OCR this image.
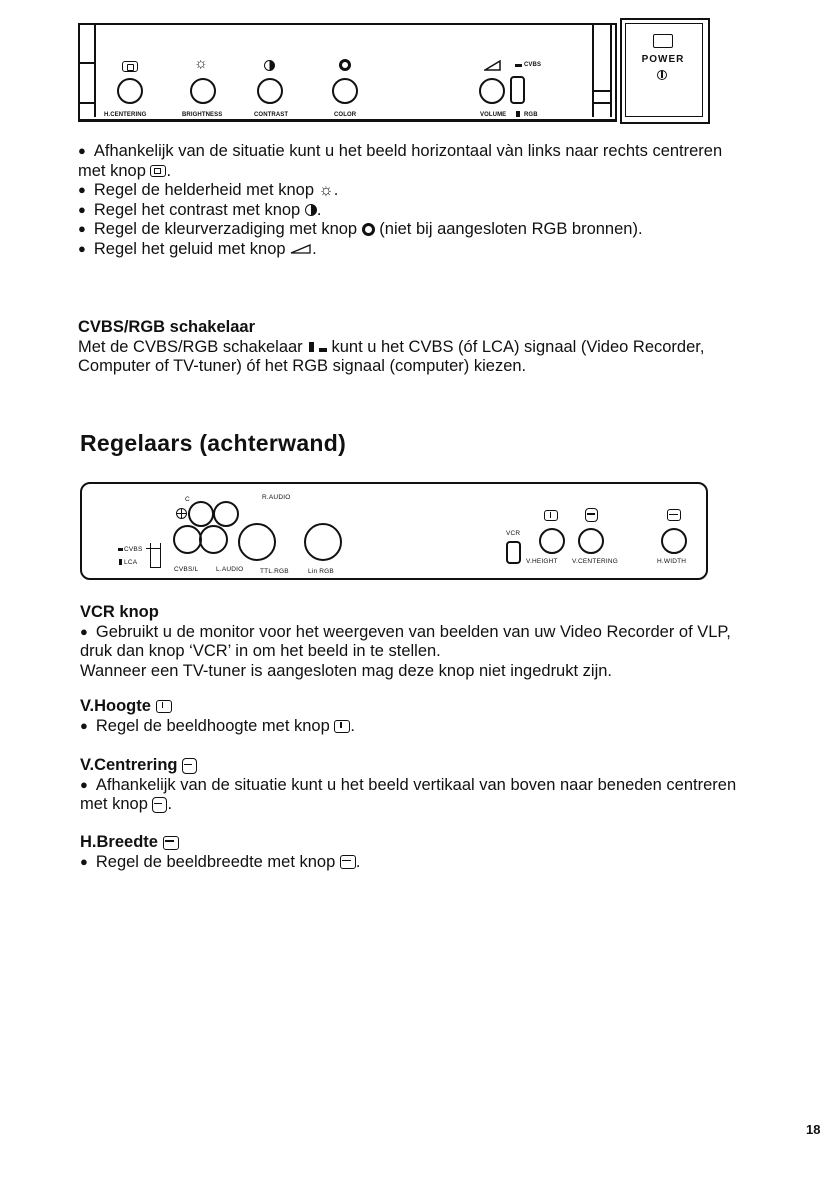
POWER
H.CENTERING
☼
BRIGHTNESS	CONTRAST	COLOR
CVBS
VOLUME	RGB

● Afhankelijk van de situatie kunt u het beeld horizontaal vàn links naar rechts centreren

met knop .

● Regel de helderheid met knop ☼.

● Regel het contrast met knop .

● Regel de kleurverzadiging met knop (niet bij aangesloten RGB bronnen).

● Regel het geluid met knop .

CVBS/RGB schakelaar

Met de CVBS/RGB schakelaar kunt u het CVBS (óf LCA) signaal (Video Recorder,

Computer of TV-tuner) óf het RGB signaal (computer) kiezen.

Regelaars (achterwand)
CVBS
LCA
C	R.AUDIO
CVBS/L	L.AUDIO	TTL.RGB	Lin RGB
VCR
V.HEIGHT V.CENTERING	H.WIDTH

VCR knop

● Gebruikt u de monitor voor het weergeven van beelden van uw Video Recorder of VLP,

druk dan knop ‘VCR’ in om het beeld in te stellen.

Wanneer een TV-tuner is aangesloten mag deze knop niet ingedrukt zijn.

V.Hoogte

● Regel de beeldhoogte met knop .

V.Centrering

● Afhankelijk van de situatie kunt u het beeld vertikaal van boven naar beneden centreren

met knop .

H.Breedte

● Regel de beeldbreedte met knop .

18
